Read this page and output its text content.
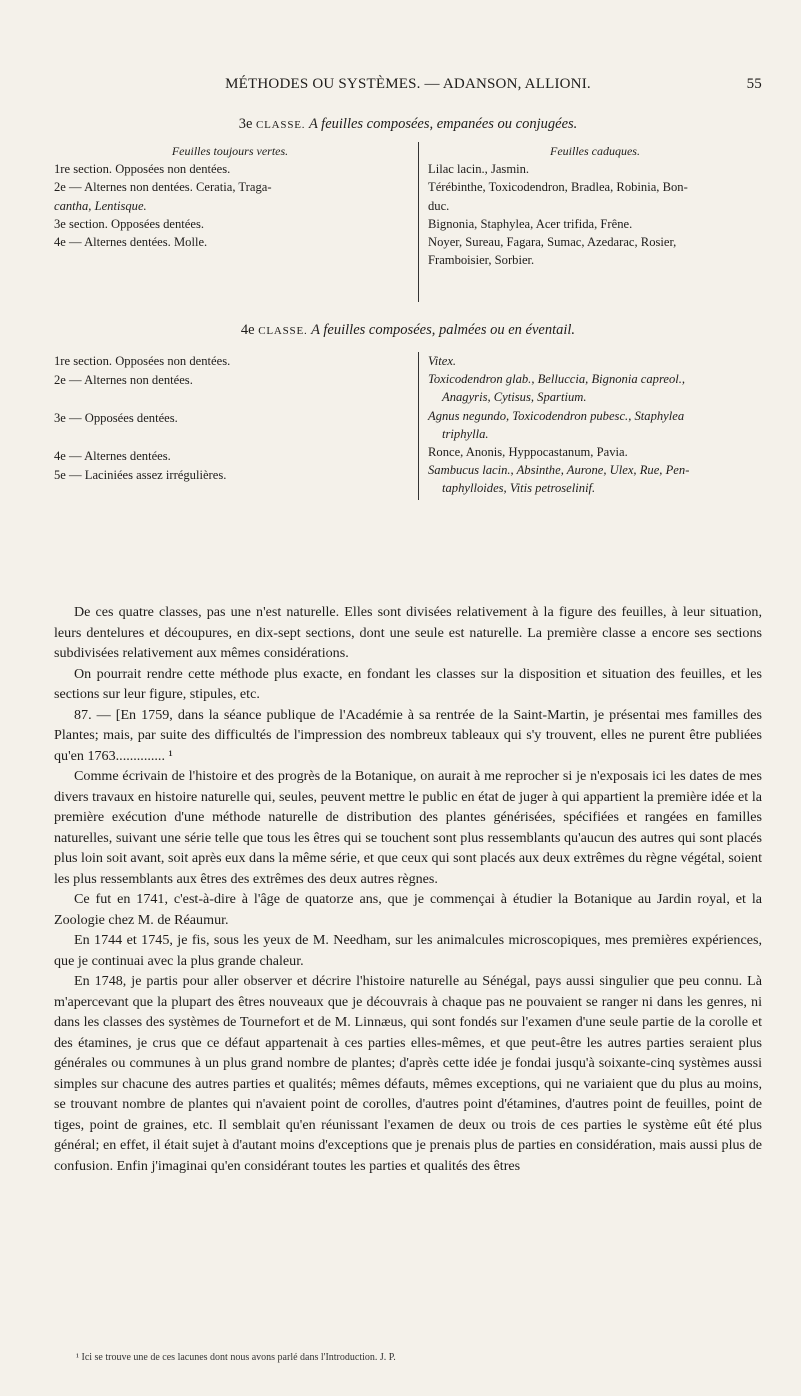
MÉTHODES OU SYSTÈMES. — ADANSON, ALLIONI.	55
3e CLASSE. A feuilles composées, empanées ou conjugées.
Feuilles toujours vertes.
1re section. Opposées non dentées.
2e — Alternes non dentées. Ceratia, Traga-
cantha, Lentisque.
3e section. Opposées dentées.
4e — Alternes dentées. Molle.
Feuilles caduques.
Lilac lacin., Jasmin.
Térébinthe, Toxicodendron, Bradlea, Robinia, Bon-
duc.
Bignonia, Staphylea, Acer trifida, Frêne.
Noyer, Sureau, Fagara, Sumac, Azedarac, Rosier,
Framboisier, Sorbier.
4e CLASSE. A feuilles composées, palmées ou en éventail.
1re section. Opposées non dentées.
2e — Alternes non dentées.
3e — Opposées dentées.
4e — Alternes dentées.
5e — Laciniées assez irrégulières.
Vitex.
Toxicodendron glab., Belluccia, Bignonia capreol.,
Anagyris, Cytisus, Spartium.
Agnus negundo, Toxicodendron pubesc., Staphylea
triphylla.
Ronce, Anonis, Hyppocastanum, Pavia.
Sambucus lacin., Absinthe, Aurone, Ulex, Rue, Pen-
taphylloides, Vitis petroselinif.

De ces quatre classes, pas une n'est naturelle. Elles sont divisées relativement à la figure des feuilles, à leur situation, leurs dentelures et découpures, en dix-sept sections, dont une seule est naturelle. La première classe a encore ses sections subdivisées relativement aux mêmes considérations.

On pourrait rendre cette méthode plus exacte, en fondant les classes sur la disposition et situation des feuilles, et les sections sur leur figure, stipules, etc.

87. — [En 1759, dans la séance publique de l'Académie à sa rentrée de la Saint-Martin, je présentai mes familles des Plantes; mais, par suite des difficultés de l'impression des nombreux tableaux qui s'y trouvent, elles ne purent être publiées qu'en 1763.............. ¹

Comme écrivain de l'histoire et des progrès de la Botanique, on aurait à me reprocher si je n'exposais ici les dates de mes divers travaux en histoire naturelle qui, seules, peuvent mettre le public en état de juger à qui appartient la première idée et la première exécution d'une méthode naturelle de distribution des plantes générisées, spécifiées et rangées en familles naturelles, suivant une série telle que tous les êtres qui se touchent sont plus ressemblants qu'aucun des autres qui sont placés plus loin soit avant, soit après eux dans la même série, et que ceux qui sont placés aux deux extrêmes du règne végétal, soient les plus ressemblants aux êtres des extrêmes des deux autres règnes.

Ce fut en 1741, c'est-à-dire à l'âge de quatorze ans, que je commençai à étudier la Botanique au Jardin royal, et la Zoologie chez M. de Réaumur.

En 1744 et 1745, je fis, sous les yeux de M. Needham, sur les animalcules microscopiques, mes premières expériences, que je continuai avec la plus grande chaleur.

En 1748, je partis pour aller observer et décrire l'histoire naturelle au Sénégal, pays aussi singulier que peu connu. Là m'apercevant que la plupart des êtres nouveaux que je découvrais à chaque pas ne pouvaient se ranger ni dans les genres, ni dans les classes des systèmes de Tournefort et de M. Linnæus, qui sont fondés sur l'examen d'une seule partie de la corolle et des étamines, je crus que ce défaut appartenait à ces parties elles-mêmes, et que peut-être les autres parties seraient plus générales ou communes à un plus grand nombre de plantes; d'après cette idée je fondai jusqu'à soixante-cinq systèmes aussi simples sur chacune des autres parties et qualités; mêmes défauts, mêmes exceptions, qui ne variaient que du plus au moins, se trouvant nombre de plantes qui n'avaient point de corolles, d'autres point d'étamines, d'autres point de feuilles, point de tiges, point de graines, etc. Il semblait qu'en réunissant l'examen de deux ou trois de ces parties le système eût été plus général; en effet, il était sujet à d'autant moins d'exceptions que je prenais plus de parties en considération, mais aussi plus de confusion. Enfin j'imaginai qu'en considérant toutes les parties et qualités des êtres

¹ Ici se trouve une de ces lacunes dont nous avons parlé dans l'Introduction. J. P.
